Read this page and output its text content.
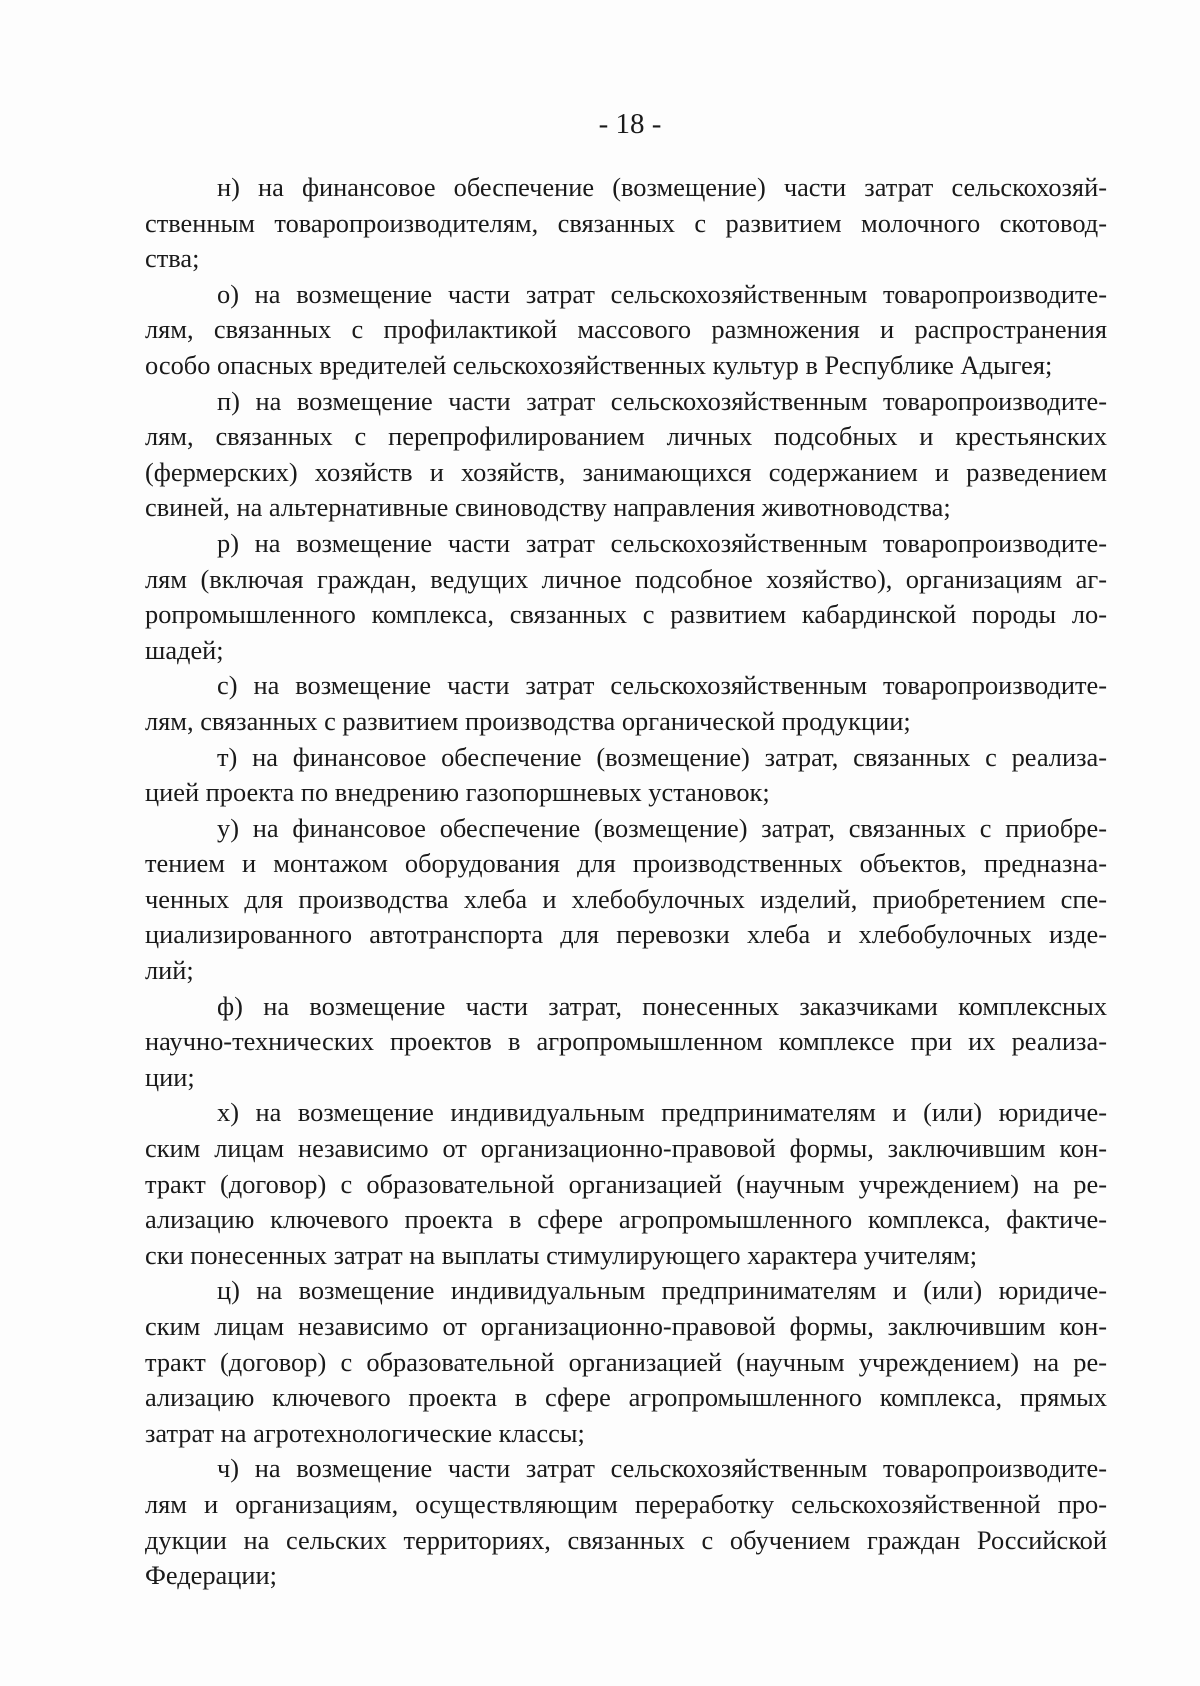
- 18 -
н) на финансовое обеспечение (возмещение) части затрат сельскохозяй-
ственным товаропроизводителям, связанных с развитием молочного скотовод-
ства;
о) на возмещение части затрат сельскохозяйственным товаропроизводите-
лям, связанных с профилактикой массового размножения и распространения
особо опасных вредителей сельскохозяйственных культур в Республике Адыгея;
п) на возмещение части затрат сельскохозяйственным товаропроизводите-
лям, связанных с перепрофилированием личных подсобных и крестьянских
(фермерских) хозяйств и хозяйств, занимающихся содержанием и разведением
свиней, на альтернативные свиноводству направления животноводства;
р) на возмещение части затрат сельскохозяйственным товаропроизводите-
лям (включая граждан, ведущих личное подсобное хозяйство), организациям аг-
ропромышленного комплекса, связанных с развитием кабардинской породы ло-
шадей;
с) на возмещение части затрат сельскохозяйственным товаропроизводите-
лям, связанных с развитием производства органической продукции;
т) на финансовое обеспечение (возмещение) затрат, связанных с реализа-
цией проекта по внедрению газопоршневых установок;
у) на финансовое обеспечение (возмещение) затрат, связанных с приобре-
тением и монтажом оборудования для производственных объектов, предназна-
ченных для производства хлеба и хлебобулочных изделий, приобретением спе-
циализированного автотранспорта для перевозки хлеба и хлебобулочных изде-
лий;
ф) на возмещение части затрат, понесенных заказчиками комплексных
научно-технических проектов в агропромышленном комплексе при их реализа-
ции;
х) на возмещение индивидуальным предпринимателям и (или) юридиче-
ским лицам независимо от организационно-правовой формы, заключившим кон-
тракт (договор) с образовательной организацией (научным учреждением) на ре-
ализацию ключевого проекта в сфере агропромышленного комплекса, фактиче-
ски понесенных затрат на выплаты стимулирующего характера учителям;
ц) на возмещение индивидуальным предпринимателям и (или) юридиче-
ским лицам независимо от организационно-правовой формы, заключившим кон-
тракт (договор) с образовательной организацией (научным учреждением) на ре-
ализацию ключевого проекта в сфере агропромышленного комплекса, прямых
затрат на агротехнологические классы;
ч) на возмещение части затрат сельскохозяйственным товаропроизводите-
лям и организациям, осуществляющим переработку сельскохозяйственной про-
дукции на сельских территориях, связанных с обучением граждан Российской
Федерации;
